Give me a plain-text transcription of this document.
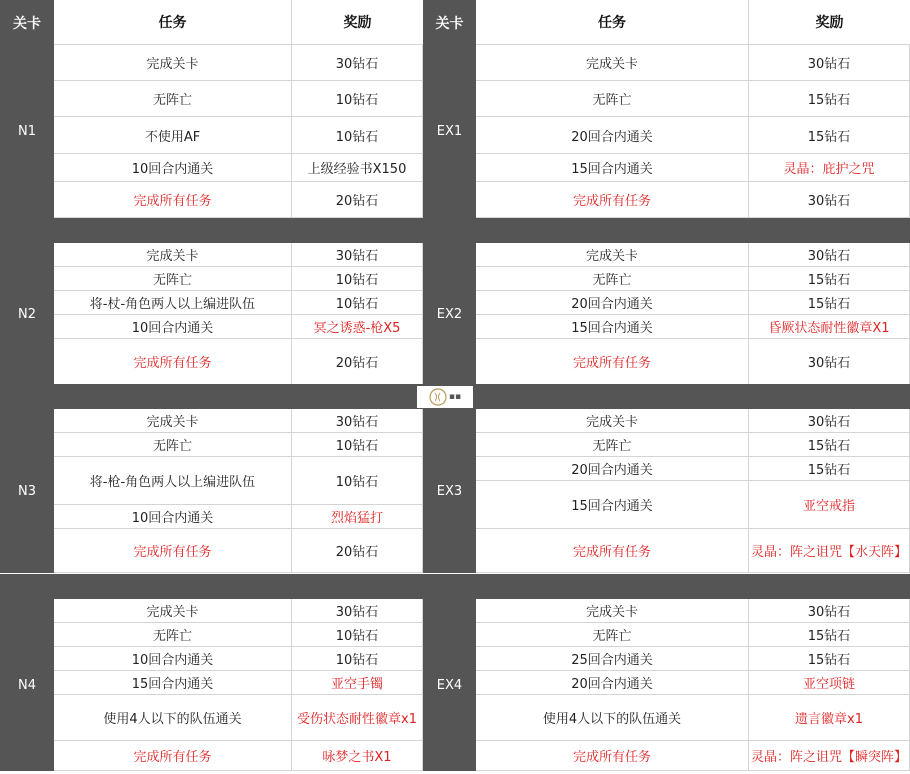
关卡	任务	奖励	关卡	任务	奖励
N1
完成关卡	30钻石
无阵亡	10钻石
不使用AF	10钻石
10回合内通关	上级经验书X150
完成所有任务	20钻石
EX1
完成关卡	30钻石
无阵亡	15钻石
20回合内通关	15钻石
15回合内通关	灵晶：庇护之咒
完成所有任务	30钻石
N2
完成关卡	30钻石
无阵亡	10钻石
将-杖-角色两人以上编进队伍	10钻石
10回合内通关	冥之诱惑-枪X5
完成所有任务	20钻石
EX2
完成关卡	30钻石
无阵亡	15钻石
20回合内通关	15钻石
15回合内通关	昏厥状态耐性徽章X1
完成所有任务	30钻石
N3
完成关卡	30钻石
无阵亡	10钻石
将-枪-角色两人以上编进队伍	10钻石
10回合内通关	烈焰猛打
完成所有任务	20钻石
EX3
完成关卡	30钻石
无阵亡	15钻石
20回合内通关	15钻石
15回合内通关	亚空戒指
完成所有任务	灵晶：阵之诅咒【水天阵】
N4
完成关卡	30钻石
无阵亡	10钻石
10回合内通关	10钻石
15回合内通关	亚空手镯
使用4人以下的队伍通关	受伤状态耐性徽章x1
完成所有任务	咏梦之书X1
EX4
完成关卡	30钻石
无阵亡	15钻石
25回合内通关	15钻石
20回合内通关	亚空项链
使用4人以下的队伍通关	遗言徽章x1
完成所有任务	灵晶：阵之诅咒【瞬突阵】
▪▪
